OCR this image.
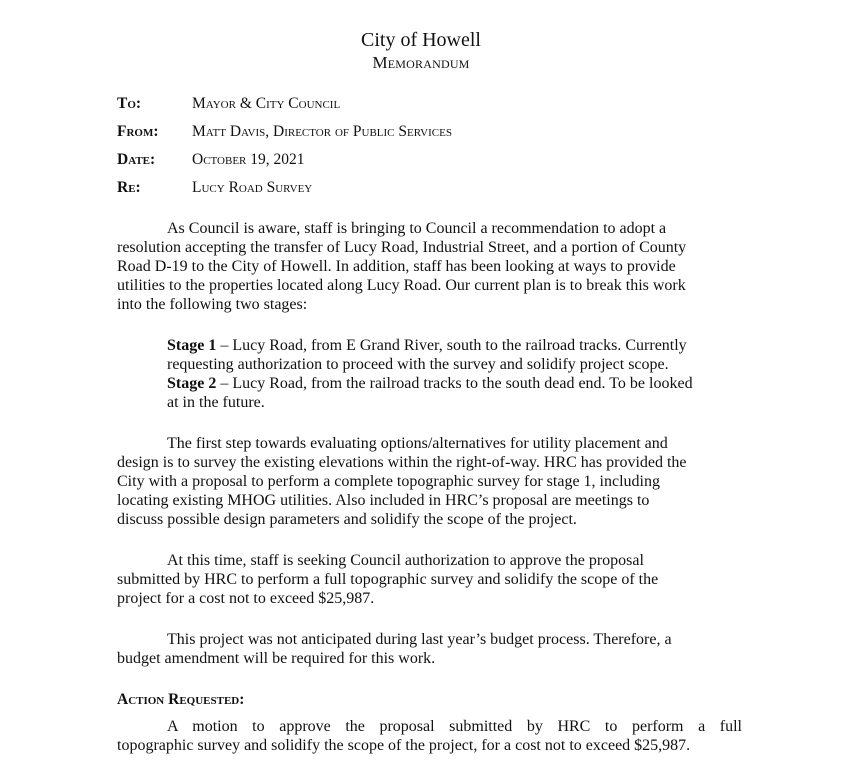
City of Howell
Memorandum
To:	Mayor & City Council
From: Matt Davis, Director of Public Services
Date: October 19, 2021
Re:	Lucy Road Survey
As Council is aware, staff is bringing to Council a recommendation to adopt a
resolution accepting the transfer of Lucy Road, Industrial Street, and a portion of County
Road D-19 to the City of Howell. In addition, staff has been looking at ways to provide
utilities to the properties located along Lucy Road. Our current plan is to break this work
into the following two stages:
Stage 1 – Lucy Road, from E Grand River, south to the railroad tracks. Currently
requesting authorization to proceed with the survey and solidify project scope.
Stage 2 – Lucy Road, from the railroad tracks to the south dead end. To be looked
at in the future.
The first step towards evaluating options/alternatives for utility placement and
design is to survey the existing elevations within the right-of-way. HRC has provided the
City with a proposal to perform a complete topographic survey for stage 1, including
locating existing MHOG utilities. Also included in HRC’s proposal are meetings to
discuss possible design parameters and solidify the scope of the project.
At this time, staff is seeking Council authorization to approve the proposal
submitted by HRC to perform a full topographic survey and solidify the scope of the
project for a cost not to exceed $25,987.
This project was not anticipated during last year’s budget process. Therefore, a
budget amendment will be required for this work.
Action Requested:
A motion to approve the proposal submitted by HRC to perform a full
topographic survey and solidify the scope of the project, for a cost not to exceed $25,987.
